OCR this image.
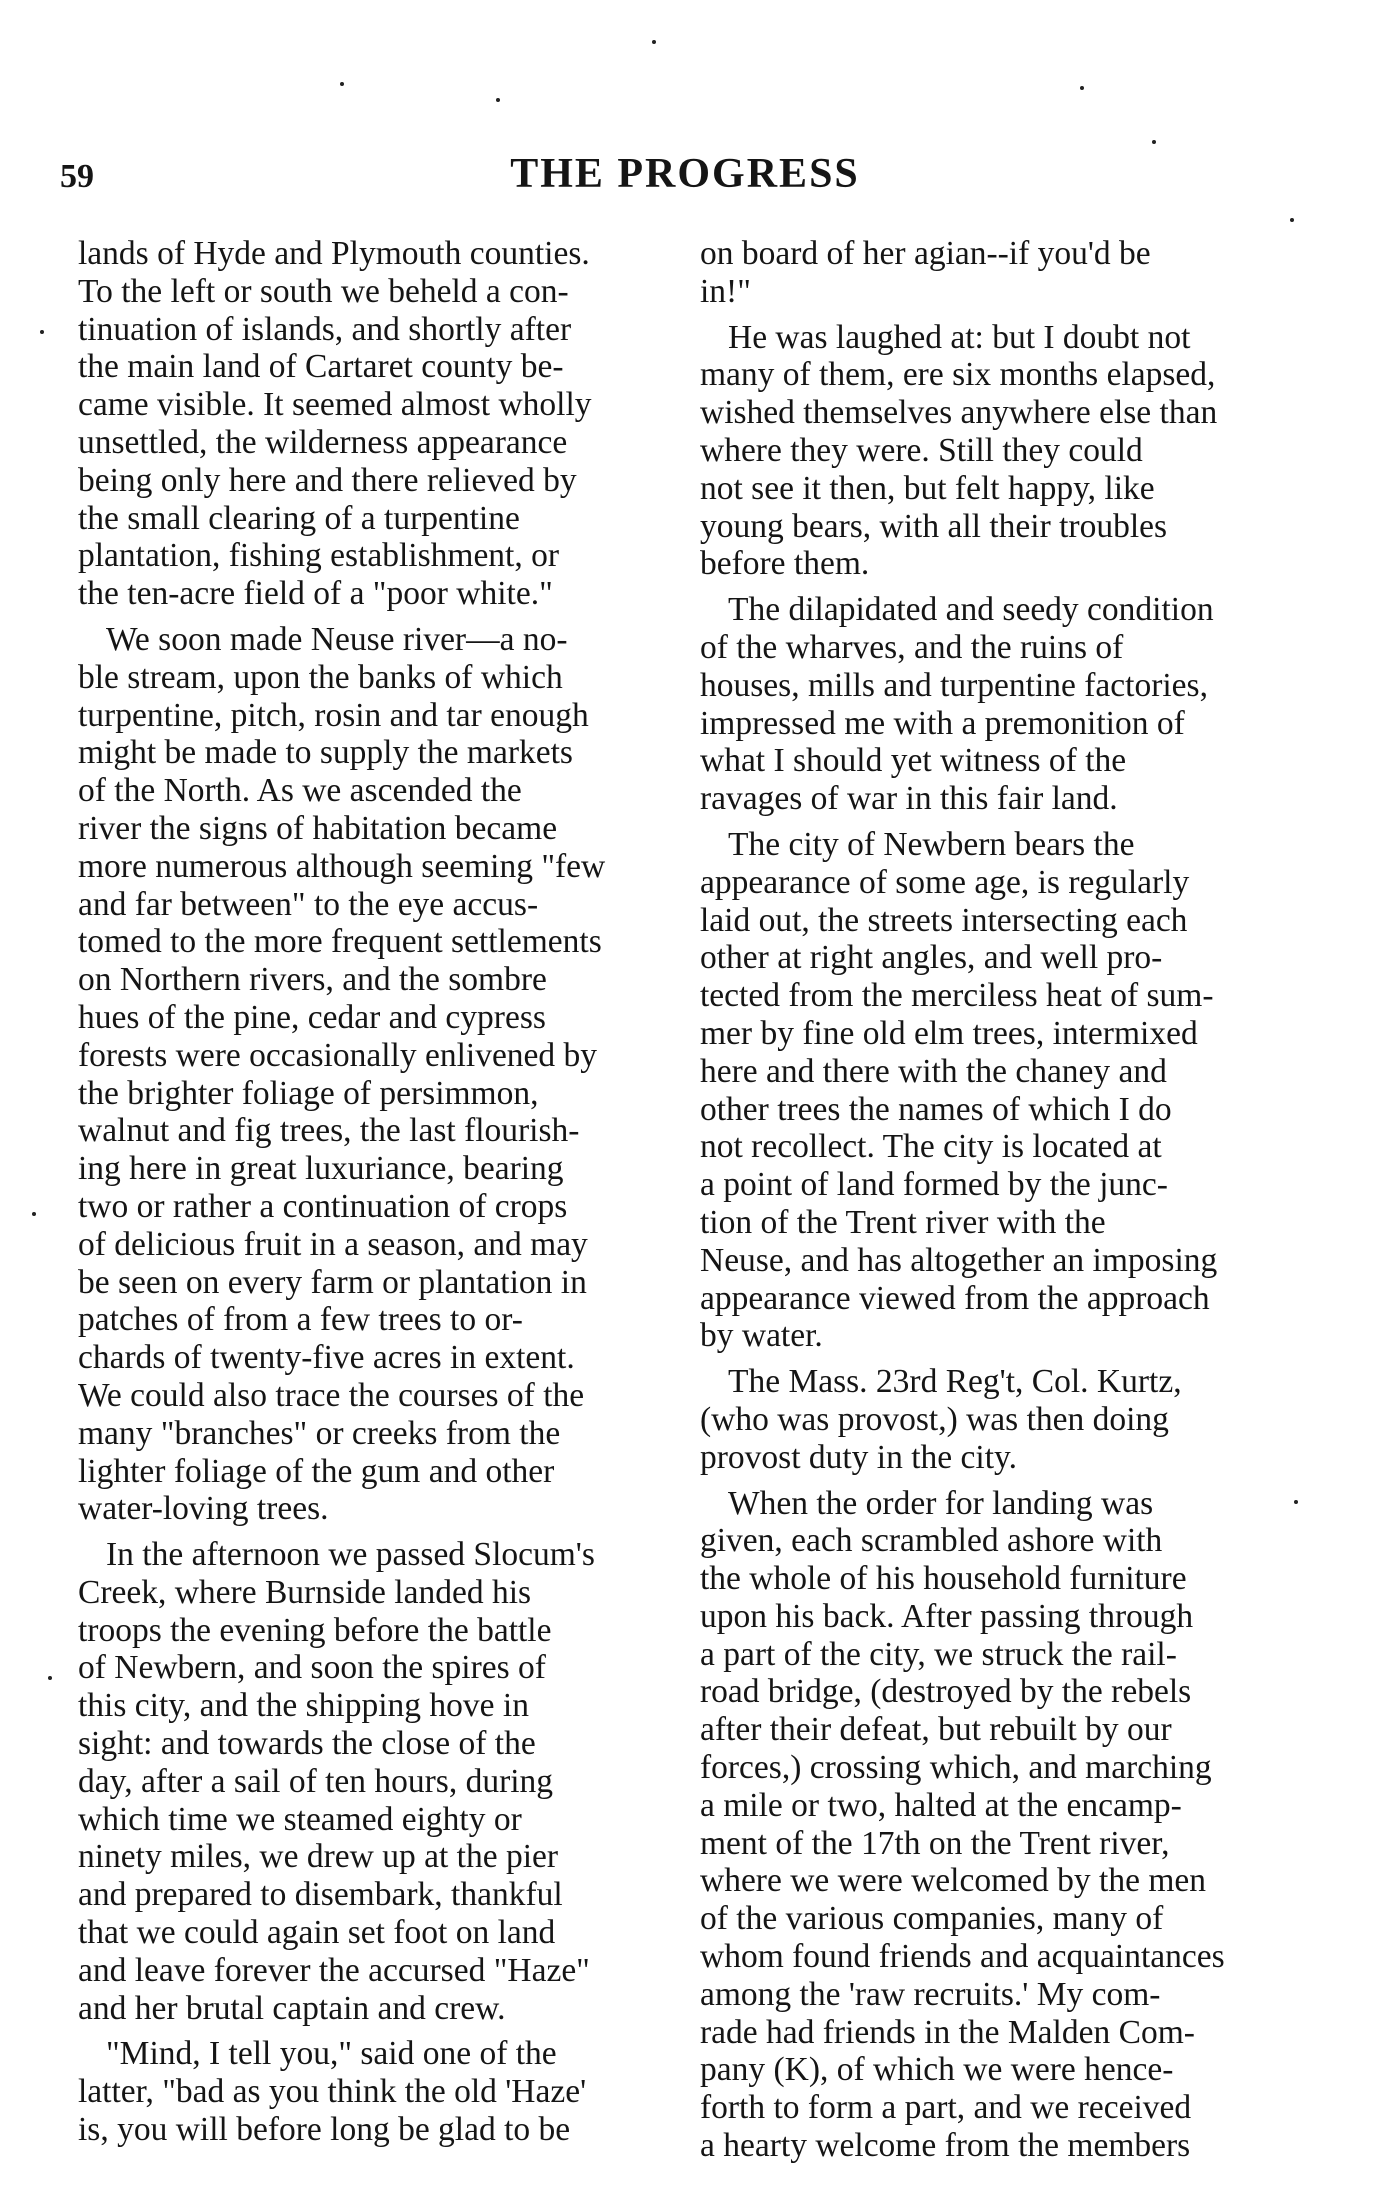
59	THE PROGRESS
lands of Hyde and Plymouth counties.
To the left or south we beheld a con-
tinuation of islands, and shortly after
the main land of Cartaret county be-
came visible. It seemed almost wholly
unsettled, the wilderness appearance
being only here and there relieved by
the small clearing of a turpentine
plantation, fishing establishment, or
the ten-acre field of a "poor white."
We soon made Neuse river—a no-
ble stream, upon the banks of which
turpentine, pitch, rosin and tar enough
might be made to supply the markets
of the North. As we ascended the
river the signs of habitation became
more numerous although seeming "few
and far between" to the eye accus-
tomed to the more frequent settlements
on Northern rivers, and the sombre
hues of the pine, cedar and cypress
forests were occasionally enlivened by
the brighter foliage of persimmon,
walnut and fig trees, the last flourish-
ing here in great luxuriance, bearing
two or rather a continuation of crops
of delicious fruit in a season, and may
be seen on every farm or plantation in
patches of from a few trees to or-
chards of twenty-five acres in extent.
We could also trace the courses of the
many "branches" or creeks from the
lighter foliage of the gum and other
water-loving trees.
In the afternoon we passed Slocum's
Creek, where Burnside landed his
troops the evening before the battle
of Newbern, and soon the spires of
this city, and the shipping hove in
sight: and towards the close of the
day, after a sail of ten hours, during
which time we steamed eighty or
ninety miles, we drew up at the pier
and prepared to disembark, thankful
that we could again set foot on land
and leave forever the accursed "Haze"
and her brutal captain and crew.
"Mind, I tell you," said one of the
latter, "bad as you think the old 'Haze'
is, you will before long be glad to be
on board of her agian--if you'd be
in!"
He was laughed at: but I doubt not
many of them, ere six months elapsed,
wished themselves anywhere else than
where they were. Still they could
not see it then, but felt happy, like
young bears, with all their troubles
before them.
The dilapidated and seedy condition
of the wharves, and the ruins of
houses, mills and turpentine factories,
impressed me with a premonition of
what I should yet witness of the
ravages of war in this fair land.
The city of Newbern bears the
appearance of some age, is regularly
laid out, the streets intersecting each
other at right angles, and well pro-
tected from the merciless heat of sum-
mer by fine old elm trees, intermixed
here and there with the chaney and
other trees the names of which I do
not recollect. The city is located at
a point of land formed by the junc-
tion of the Trent river with the
Neuse, and has altogether an imposing
appearance viewed from the approach
by water.
The Mass. 23rd Reg't, Col. Kurtz,
(who was provost,) was then doing
provost duty in the city.
When the order for landing was
given, each scrambled ashore with
the whole of his household furniture
upon his back. After passing through
a part of the city, we struck the rail-
road bridge, (destroyed by the rebels
after their defeat, but rebuilt by our
forces,) crossing which, and marching
a mile or two, halted at the encamp-
ment of the 17th on the Trent river,
where we were welcomed by the men
of the various companies, many of
whom found friends and acquaintances
among the 'raw recruits.' My com-
rade had friends in the Malden Com-
pany (K), of which we were hence-
forth to form a part, and we received
a hearty welcome from the members
